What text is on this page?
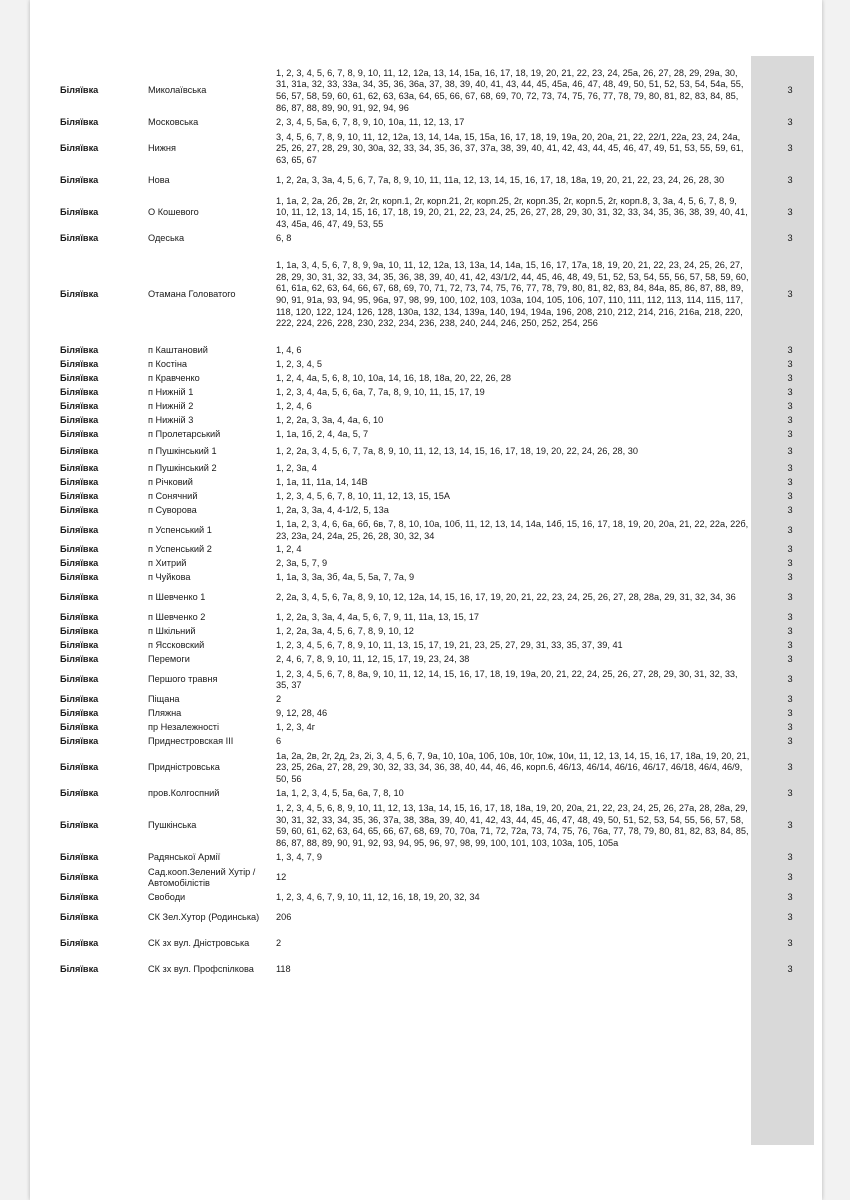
Біляївка	Миколаївська	1, 2, 3, 4, 5, 6, 7, 8, 9, 10, 11, 12, 12а, 13, 14, 15а, 16, 17, 18, 19, 20, 21, 22, 23, 24, 25а, 26, 27, 28, 29, 29а, 30, 31, 31а, 32, 33, 33а, 34, 35, 36, 36а, 37, 38, 39, 40, 41, 43, 44, 45, 45а, 46, 47, 48, 49, 50, 51, 52, 53, 54, 54а, 55, 56, 57, 58, 59, 60, 61, 62, 63, 63а, 64, 65, 66, 67, 68, 69, 70, 72, 73, 74, 75, 76, 77, 78, 79, 80, 81, 82, 83, 84, 85, 86, 87, 88, 89, 90, 91, 92, 94, 96	3
Біляївка	Московська	2, 3, 4, 5, 5а, 6, 7, 8, 9, 10, 10а, 11, 12, 13, 17	3
Біляївка	Нижня	3, 4, 5, 6, 7, 8, 9, 10, 11, 12, 12а, 13, 14, 14а, 15, 15а, 16, 17, 18, 19, 19а, 20, 20а, 21, 22, 22/1, 22а, 23, 24, 24а, 25, 26, 27, 28, 29, 30, 30а, 32, 33, 34, 35, 36, 37, 37а, 38, 39, 40, 41, 42, 43, 44, 45, 46, 47, 49, 51, 53, 55, 59, 61, 63, 65, 67	3
Біляївка	Нова	1, 2, 2а, 3, 3а, 4, 5, 6, 7, 7а, 8, 9, 10, 11, 11а, 12, 13, 14, 15, 16, 17, 18, 18а, 19, 20, 21, 22, 23, 24, 26, 28, 30	3
Біляївка	О Кошевого	1, 1а, 2, 2а, 2б, 2в, 2г, 2г, корп.1, 2г, корп.21, 2г, корп.25, 2г, корп.35, 2г, корп.5, 2г, корп.8, 3, 3а, 4, 5, 6, 7, 8, 9, 10, 11, 12, 13, 14, 15, 16, 17, 18, 19, 20, 21, 22, 23, 24, 25, 26, 27, 28, 29, 30, 31, 32, 33, 34, 35, 36, 38, 39, 40, 41, 43, 45а, 46, 47, 49, 53, 55	3
Біляївка	Одеська	6, 8	3
Біляївка	Отамана Головатого	1, 1а, 3, 4, 5, 6, 7, 8, 9, 9а, 10, 11, 12, 12а, 13, 13а, 14, 14а, 15, 16, 17, 17а, 18, 19, 20, 21, 22, 23, 24, 25, 26, 27, 28, 29, 30, 31, 32, 33, 34, 35, 36, 38, 39, 40, 41, 42, 43/1/2, 44, 45, 46, 48, 49, 51, 52, 53, 54, 55, 56, 57, 58, 59, 60, 61, 61а, 62, 63, 64, 66, 67, 68, 69, 70, 71, 72, 73, 74, 75, 76, 77, 78, 79, 80, 81, 82, 83, 84, 84а, 85, 86, 87, 88, 89, 90, 91, 91а, 93, 94, 95, 96а, 97, 98, 99, 100, 102, 103, 103а, 104, 105, 106, 107, 110, 111, 112, 113, 114, 115, 117, 118, 120, 122, 124, 126, 128, 130а, 132, 134, 139а, 140, 194, 194а, 196, 208, 210, 212, 214, 216, 216а, 218, 220, 222, 224, 226, 228, 230, 232, 234, 236, 238, 240, 244, 246, 250, 252, 254, 256	3
Біляївка	п Каштановий	1, 4, 6	3
Біляївка	п Костіна	1, 2, 3, 4, 5	3
Біляївка	п Кравченко	1, 2, 4, 4а, 5, 6, 8, 10, 10а, 14, 16, 18, 18а, 20, 22, 26, 28	3
Біляївка	п Нижній 1	1, 2, 3, 4, 4а, 5, 6, 6а, 7, 7а, 8, 9, 10, 11, 15, 17, 19	3
Біляївка	п Нижній 2	1, 2, 4, 6	3
Біляївка	п Нижній 3	1, 2, 2а, 3, 3а, 4, 4а, 6, 10	3
Біляївка	п Пролетарський	1, 1а, 1б, 2, 4, 4а, 5, 7	3
Біляївка	п Пушкінський 1	1, 2, 2а, 3, 4, 5, 6, 7, 7а, 8, 9, 10, 11, 12, 13, 14, 15, 16, 17, 18, 19, 20, 22, 24, 26, 28, 30	3
Біляївка	п Пушкінський 2	1, 2, 3а, 4	3
Біляївка	п Річковий	1, 1а, 11, 11а, 14, 14В	3
Біляївка	п Сонячний	1, 2, 3, 4, 5, 6, 7, 8, 10, 11, 12, 13, 15, 15А	3
Біляївка	п Суворова	1, 2а, 3, 3а, 4, 4-1/2, 5, 13а	3
Біляївка	п Успенський 1	1, 1а, 2, 3, 4, 6, 6а, 6б, 6в, 7, 8, 10, 10а, 10б, 11, 12, 13, 14, 14а, 14б, 15, 16, 17, 18, 19, 20, 20а, 21, 22, 22а, 22б, 23, 23а, 24, 24а, 25, 26, 28, 30, 32, 34	3
Біляївка	п Успенський 2	1, 2, 4	3
Біляївка	п Хитрий	2, 3а, 5, 7, 9	3
Біляївка	п Чуйкова	1, 1а, 3, 3а, 3б, 4а, 5, 5а, 7, 7а, 9	3
Біляївка	п Шевченко 1	2, 2а, 3, 4, 5, 6, 7а, 8, 9, 10, 12, 12а, 14, 15, 16, 17, 19, 20, 21, 22, 23, 24, 25, 26, 27, 28, 28а, 29, 31, 32, 34, 36	3
Біляївка	п Шевченко 2	1, 2, 2а, 3, 3а, 4, 4а, 5, 6, 7, 9, 11, 11а, 13, 15, 17	3
Біляївка	п Шкільний	1, 2, 2а, 3а, 4, 5, 6, 7, 8, 9, 10, 12	3
Біляївка	п Яссковский	1, 2, 3, 4, 5, 6, 7, 8, 9, 10, 11, 13, 15, 17, 19, 21, 23, 25, 27, 29, 31, 33, 35, 37, 39, 41	3
Біляївка	Перемоги	2, 4, 6, 7, 8, 9, 10, 11, 12, 15, 17, 19, 23, 24, 38	3
Біляївка	Першого травня	1, 2, 3, 4, 5, 6, 7, 8, 8а, 9, 10, 11, 12, 14, 15, 16, 17, 18, 19, 19а, 20, 21, 22, 24, 25, 26, 27, 28, 29, 30, 31, 32, 33, 35, 37	3
Біляївка	Піщана	2	3
Біляївка	Пляжна	9, 12, 28, 46	3
Біляївка	пр Незалежності	1, 2, 3, 4г	3
Біляївка	Приднестровская ІІІ	6	3
Біляївка	Придністровська	1а, 2а, 2в, 2г, 2д, 2з, 2і, 3, 4, 5, 6, 7, 9а, 10, 10а, 10б, 10в, 10г, 10ж, 10и, 11, 12, 13, 14, 15, 16, 17, 18а, 19, 20, 21, 23, 25, 26а, 27, 28, 29, 30, 32, 33, 34, 36, 38, 40, 44, 46, 46, корп.6, 46/13, 46/14, 46/16, 46/17, 46/18, 46/4, 46/9, 50, 56	3
Біляївка	пров.Колгоспний	1а, 1, 2, 3, 4, 5, 5а, 6а, 7, 8, 10	3
Біляївка	Пушкінська	1, 2, 3, 4, 5, 6, 8, 9, 10, 11, 12, 13, 13а, 14, 15, 16, 17, 18, 18а, 19, 20, 20а, 21, 22, 23, 24, 25, 26, 27а, 28, 28а, 29, 30, 31, 32, 33, 34, 35, 36, 37а, 38, 38а, 39, 40, 41, 42, 43, 44, 45, 46, 47, 48, 49, 50, 51, 52, 53, 54, 55, 56, 57, 58, 59, 60, 61, 62, 63, 64, 65, 66, 67, 68, 69, 70, 70а, 71, 72, 72а, 73, 74, 75, 76, 76а, 77, 78, 79, 80, 81, 82, 83, 84, 85, 86, 87, 88, 89, 90, 91, 92, 93, 94, 95, 96, 97, 98, 99, 100, 101, 103, 103а, 105, 105а	3
Біляївка	Радянської Армії	1, 3, 4, 7, 9	3
Біляївка	Сад.кооп.Зелений Хутір / Автомобілістів	12	3
Біляївка	Свободи	1, 2, 3, 4, 6, 7, 9, 10, 11, 12, 16, 18, 19, 20, 32, 34	3
Біляївка	СК Зел.Хутор (Родинська)	206	3
Біляївка	СК зх вул. Дністровська	2	3
Біляївка	СК зх вул. Профспілкова	118	3
